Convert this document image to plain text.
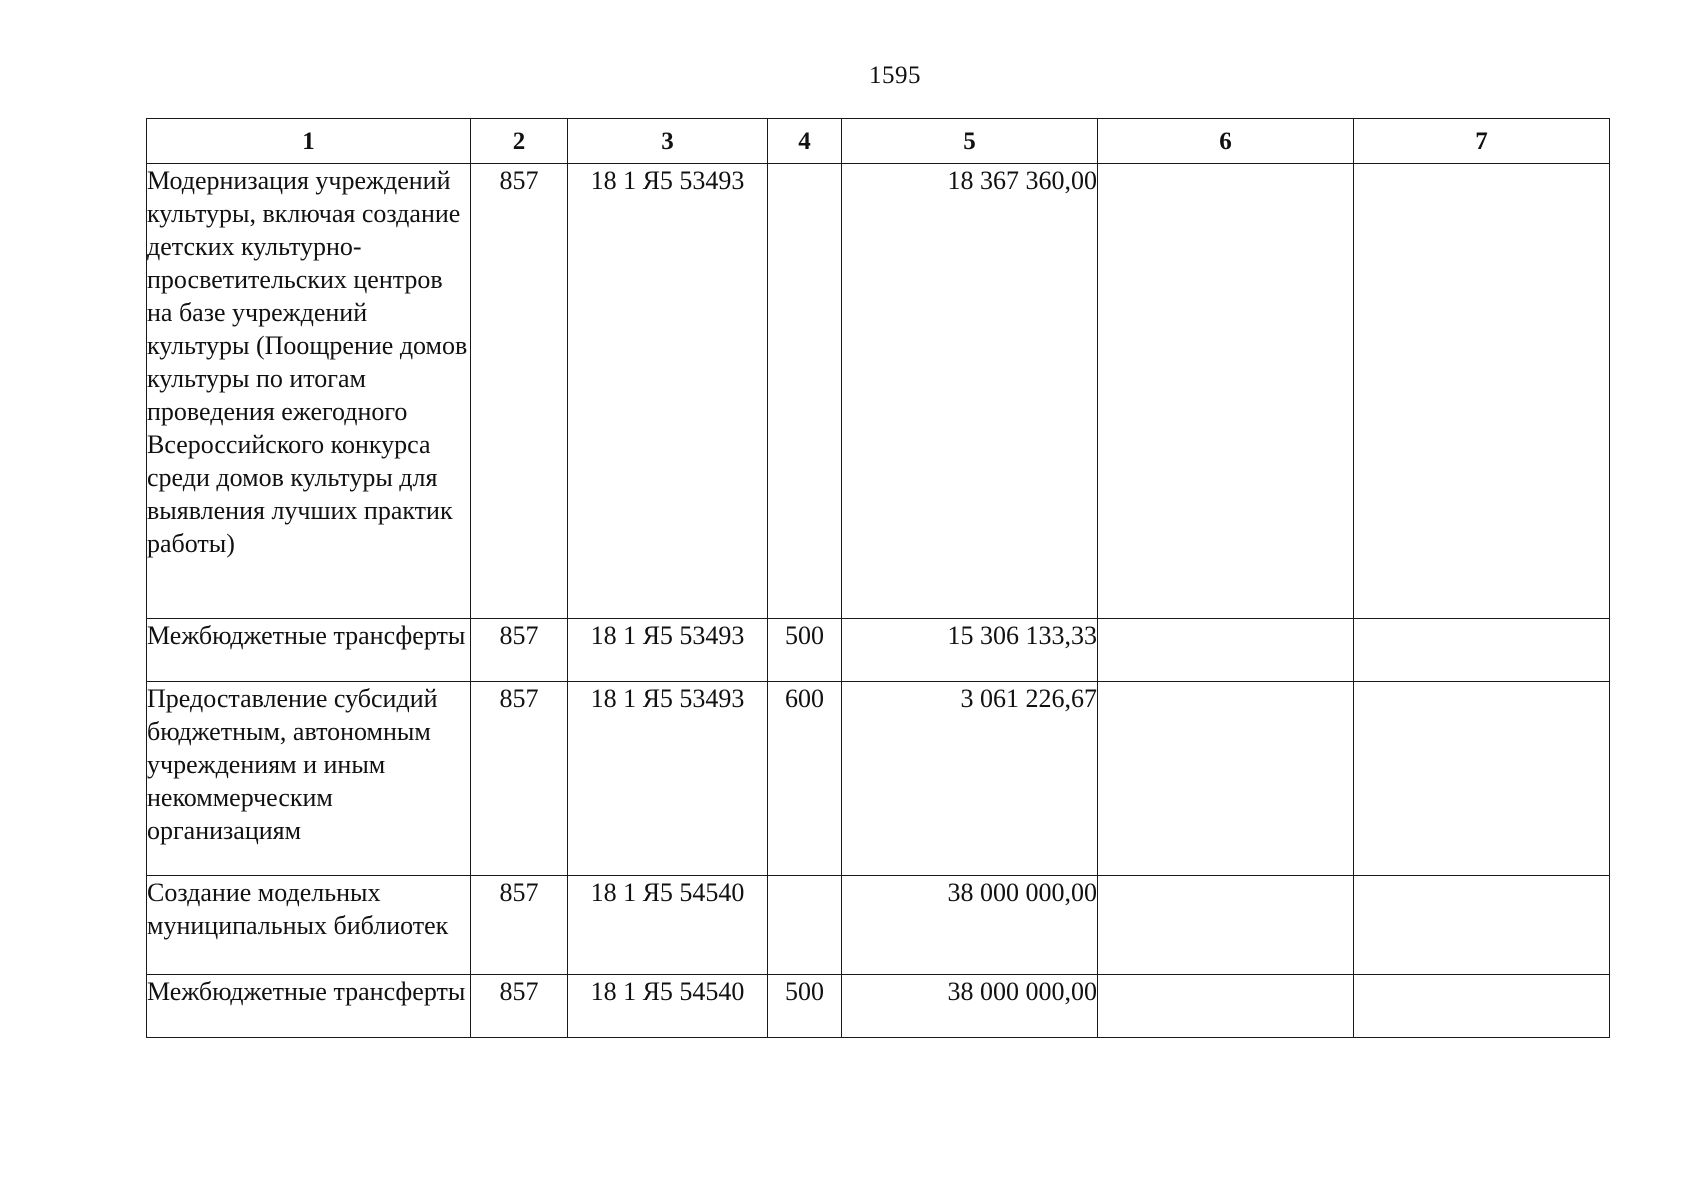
1595
1	2	3	4	5	6	7
Модернизация учреждений культуры, включая создание детских культурно-просветительских центров на базе учреждений культуры (Поощрение домов культуры по итогам проведения ежегодного Всероссийского конкурса среди домов культуры для выявления лучших практик работы)	857	18 1 Я5 53493		18 367 360,00		
Межбюджетные трансферты	857	18 1 Я5 53493	500	15 306 133,33		
Предоставление субсидий бюджетным, автономным учреждениям и иным некоммерческим организациям	857	18 1 Я5 53493	600	3 061 226,67		
Создание модельных муниципальных библиотек	857	18 1 Я5 54540		38 000 000,00		
Межбюджетные трансферты	857	18 1 Я5 54540	500	38 000 000,00		
